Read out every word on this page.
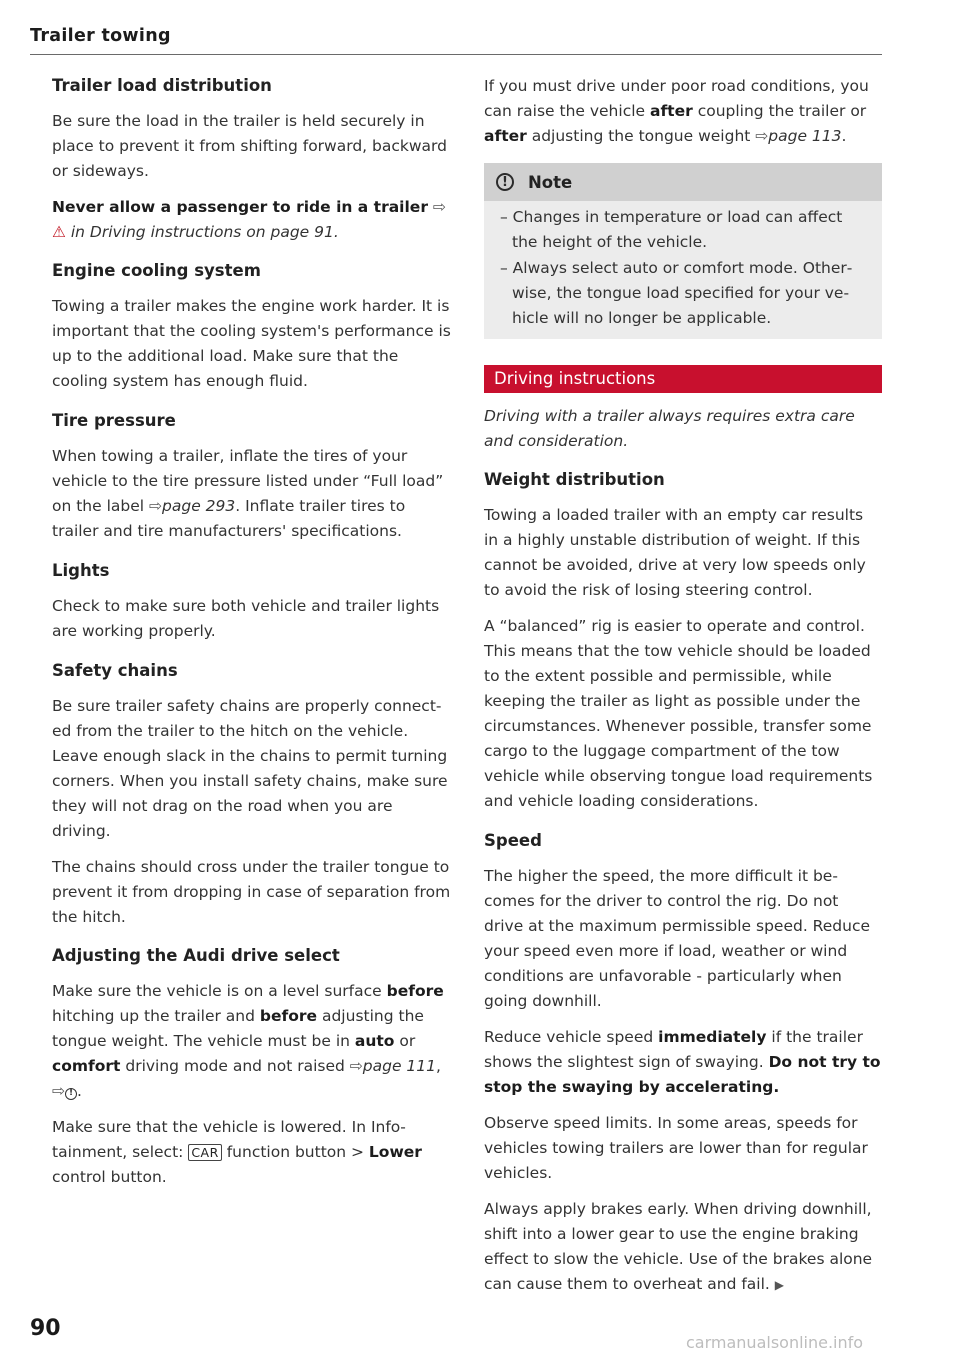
Trailer towing
Trailer load distribution

Be sure the load in the trailer is held securely in place to prevent it from shifting forward, backward or sideways.

Never allow a passenger to ride in a trailer ⇨ ⚠ in Driving instructions on page 91.

Engine cooling system

Towing a trailer makes the engine work harder. It is important that the cooling system's performance is up to the additional load. Make sure that the cooling system has enough fluid.

Tire pressure

When towing a trailer, inflate the tires of your vehicle to the tire pressure listed under “Full load” on the label ⇨page 293. Inflate trailer tires to trailer and tire manufacturers' specifications.

Lights

Check to make sure both vehicle and trailer lights are working properly.

Safety chains

Be sure trailer safety chains are properly connected from the trailer to the hitch on the vehicle. Leave enough slack in the chains to permit turning corners. When you install safety chains, make sure they will not drag on the road when you are driving.

The chains should cross under the trailer tongue to prevent it from dropping in case of separation from the hitch.

Adjusting the Audi drive select

Make sure the vehicle is on a level surface before hitching up the trailer and before adjusting the tongue weight. The vehicle must be in auto or comfort driving mode and not raised ⇨page 111, ⇨ ! .

Make sure that the vehicle is lowered. In Infotainment, select: CAR function button > Lower control button.

If you must drive under poor road conditions, you can raise the vehicle after coupling the trailer or after adjusting the tongue weight ⇨page 113.

!	Note
– Changes in temperature or load can affect the height of the vehicle.
– Always select auto or comfort mode. Otherwise, the tongue load specified for your vehicle will no longer be applicable.
Driving instructions

Driving with a trailer always requires extra care and consideration.

Weight distribution

Towing a loaded trailer with an empty car results in a highly unstable distribution of weight. If this cannot be avoided, drive at very low speeds only to avoid the risk of losing steering control.

A “balanced” rig is easier to operate and control. This means that the tow vehicle should be loaded to the extent possible and permissible, while keeping the trailer as light as possible under the circumstances. Whenever possible, transfer some cargo to the luggage compartment of the tow vehicle while observing tongue load requirements and vehicle loading considerations.

Speed

The higher the speed, the more difficult it becomes for the driver to control the rig. Do not drive at the maximum permissible speed. Reduce your speed even more if load, weather or wind conditions are unfavorable - particularly when going downhill.

Reduce vehicle speed immediately if the trailer shows the slightest sign of swaying. Do not try to stop the swaying by accelerating.

Observe speed limits. In some areas, speeds for vehicles towing trailers are lower than for regular vehicles.

Always apply brakes early. When driving downhill, shift into a lower gear to use the engine braking effect to slow the vehicle. Use of the brakes alone can cause them to overheat and fail. ▶

90
carmanualsonline.info
